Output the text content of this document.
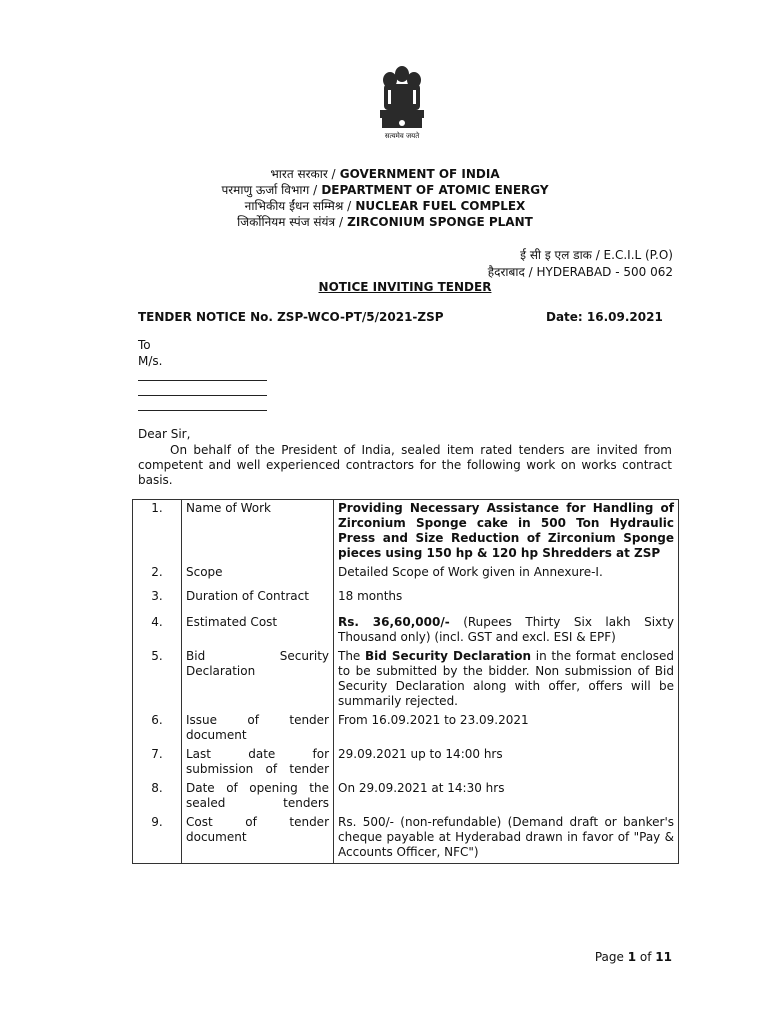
सत्यमेव जयते
भारत सरकार / GOVERNMENT OF INDIA
परमाणु ऊर्जा विभाग / DEPARTMENT OF ATOMIC ENERGY
नाभिकीय ईंधन सम्मिश्र / NUCLEAR FUEL COMPLEX
जिर्कोनियम स्पंज संयंत्र / ZIRCONIUM SPONGE PLANT
ई सी इ एल डाक / E.C.I.L (P.O)
हैदराबाद / HYDERABAD - 500 062
NOTICE INVITING TENDER
TENDER NOTICE No. ZSP-WCO-PT/5/2021-ZSP	Date: 16.09.2021
To
M/s.
Dear Sir,
On behalf of the President of India, sealed item rated tenders are invited from competent and well experienced contractors for the following work on works contract basis.
1.	Name of Work	Providing Necessary Assistance for Handling of Zirconium Sponge cake in 500 Ton Hydraulic Press and Size Reduction of Zirconium Sponge pieces using 150 hp & 120 hp Shredders at ZSP
2.	Scope	Detailed Scope of Work given in Annexure-I.
3.	Duration of Contract	18 months
4.	Estimated Cost	Rs. 36,60,000/- (Rupees Thirty Six lakh Sixty Thousand only) (incl. GST and excl. ESI & EPF)
5.	Bid Security Declaration	The Bid Security Declaration in the format enclosed to be submitted by the bidder. Non submission of Bid Security Declaration along with offer, offers will be summarily rejected.
6.	Issue of tender document	From 16.09.2021 to 23.09.2021
7.	Last date for submission of tender	29.09.2021 up to 14:00 hrs
8.	Date of opening the sealed tenders	On 29.09.2021 at 14:30 hrs
9.	Cost of tender document	Rs. 500/- (non-refundable) (Demand draft or banker's cheque payable at Hyderabad drawn in favor of "Pay & Accounts Officer, NFC")
Page 1 of 11
